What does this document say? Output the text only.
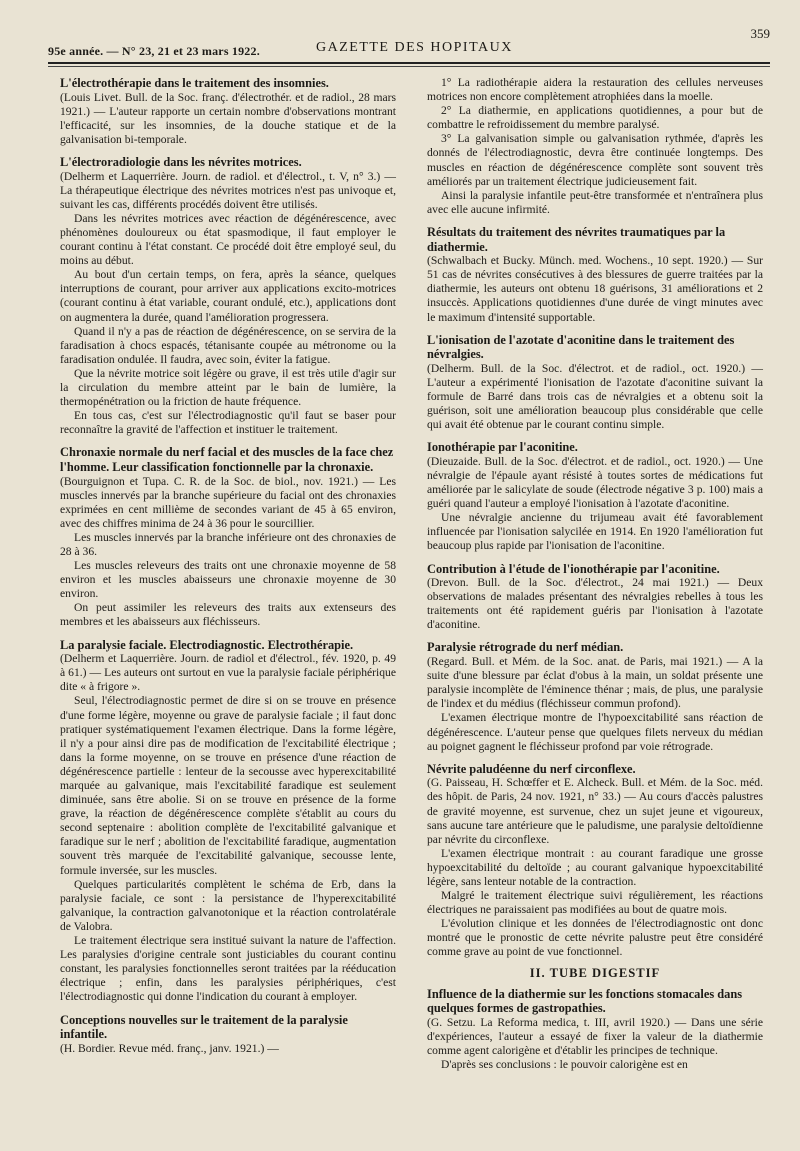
95e année. — N° 23, 21 et 23 mars 1922.	GAZETTE DES HOPITAUX
359
L'électrothérapie dans le traitement des insomnies.

(Louis Livet. Bull. de la Soc. franç. d'électrothér. et de radiol., 28 mars 1921.) — L'auteur rapporte un certain nombre d'observations montrant l'efficacité, sur les insomnies, de la douche statique et de la galvanisation bi-temporale.

L'électroradiologie dans les névrites motrices.

(Delherm et Laquerrière. Journ. de radiol. et d'électrol., t. V, n° 3.) — La thérapeutique électrique des névrites motrices n'est pas univoque et, suivant les cas, différents procédés doivent être utilisés.

Dans les névrites motrices avec réaction de dégénérescence, avec phénomènes douloureux ou état spasmodique, il faut employer le courant continu à l'état constant. Ce procédé doit être employé seul, du moins au début.

Au bout d'un certain temps, on fera, après la séance, quelques interruptions de courant, pour arriver aux applications excito-motrices (courant continu à état variable, courant ondulé, etc.), applications dont on augmentera la durée, quand l'amélioration progressera.

Quand il n'y a pas de réaction de dégénérescence, on se servira de la faradisation à chocs espacés, tétanisante coupée au métronome ou la faradisation ondulée. Il faudra, avec soin, éviter la fatigue.

Que la névrite motrice soit légère ou grave, il est très utile d'agir sur la circulation du membre atteint par le bain de lumière, la thermopénétration ou la friction de haute fréquence.

En tous cas, c'est sur l'électrodiagnostic qu'il faut se baser pour reconnaître la gravité de l'affection et instituer le traitement.

Chronaxie normale du nerf facial et des muscles de la face chez l'homme. Leur classification fonctionnelle par la chronaxie.

(Bourguignon et Tupa. C. R. de la Soc. de biol., nov. 1921.) — Les muscles innervés par la branche supérieure du facial ont des chronaxies exprimées en cent millième de secondes variant de 45 à 65 environ, avec des chiffres minima de 24 à 36 pour le sourcillier.

Les muscles innervés par la branche inférieure ont des chronaxies de 28 à 36.

Les muscles releveurs des traits ont une chronaxie moyenne de 58 environ et les muscles abaisseurs une chronaxie moyenne de 30 environ.

On peut assimiler les releveurs des traits aux extenseurs des membres et les abaisseurs aux fléchisseurs.

La paralysie faciale. Electrodiagnostic. Electrothérapie.

(Delherm et Laquerrière. Journ. de radiol et d'électrol., fév. 1920, p. 49 à 61.) — Les auteurs ont surtout en vue la paralysie faciale périphérique dite « à frigore ».

Seul, l'électrodiagnostic permet de dire si on se trouve en présence d'une forme légère, moyenne ou grave de paralysie faciale ; il faut donc pratiquer systématiquement l'examen électrique. Dans la forme légère, il n'y a pour ainsi dire pas de modification de l'excitabilité électrique ; dans la forme moyenne, on se trouve en présence d'une réaction de dégénérescence partielle : lenteur de la secousse avec hyperexcitabilité marquée au galvanique, mais l'excitabilité faradique est seulement diminuée, sans être abolie. Si on se trouve en présence de la forme grave, la réaction de dégénérescence complète s'établit au cours du second septenaire : abolition complète de l'excitabilité galvanique et faradique sur le nerf ; abolition de l'excitabilité faradique, augmentation souvent très marquée de l'excitabilité galvanique, secousse lente, formule inversée, sur les muscles.

Quelques particularités complètent le schéma de Erb, dans la paralysie faciale, ce sont : la persistance de l'hyperexcitabilité galvanique, la contraction galvanotonique et la réaction controlatérale de Valobra.

Le traitement électrique sera institué suivant la nature de l'affection. Les paralysies d'origine centrale sont justiciables du courant continu constant, les paralysies fonctionnelles seront traitées par la rééducation électrique ; enfin, dans les paralysies périphériques, c'est l'électrodiagnostic qui donne l'indication du courant à employer.

Conceptions nouvelles sur le traitement de la paralysie infantile.

(H. Bordier. Revue méd. franç., janv. 1921.) —

1° La radiothérapie aidera la restauration des cellules nerveuses motrices non encore complètement atrophiées dans la moelle.

2° La diathermie, en applications quotidiennes, a pour but de combattre le refroidissement du membre paralysé.

3° La galvanisation simple ou galvanisation rythmée, d'après les donnés de l'électrodiagnostic, devra être continuée longtemps. Des muscles en réaction de dégénérescence complète sont souvent très améliorés par un traitement électrique judicieusement fait.

Ainsi la paralysie infantile peut-être transformée et n'entraînera plus avec elle aucune infirmité.

Résultats du traitement des névrites traumatiques par la diathermie.

(Schwalbach et Bucky. Münch. med. Wochens., 10 sept. 1920.) — Sur 51 cas de névrites consécutives à des blessures de guerre traitées par la diathermie, les auteurs ont obtenu 18 guérisons, 31 améliorations et 2 insuccès. Applications quotidiennes d'une durée de vingt minutes avec le maximum d'intensité supportable.

L'ionisation de l'azotate d'aconitine dans le traitement des névralgies.

(Delherm. Bull. de la Soc. d'électrot. et de radiol., oct. 1920.) — L'auteur a expérimenté l'ionisation de l'azotate d'aconitine suivant la formule de Barré dans trois cas de névralgies et a obtenu soit la guérison, soit une amélioration beaucoup plus considérable que celle qui avait été obtenue par le courant continu simple.

Ionothérapie par l'aconitine.

(Dieuzaide. Bull. de la Soc. d'électrot. et de radiol., oct. 1920.) — Une névralgie de l'épaule ayant résisté à toutes sortes de médications fut améliorée par le salicylate de soude (électrode négative 3 p. 100) mais a guéri quand l'auteur a employé l'ionisation à l'azotate d'aconitine.

Une névralgie ancienne du trijumeau avait été favorablement influencée par l'ionisation salycilée en 1914. En 1920 l'amélioration fut beaucoup plus rapide par l'ionisation de l'aconitine.

Contribution à l'étude de l'ionothérapie par l'aconitine.

(Drevon. Bull. de la Soc. d'électrot., 24 mai 1921.) — Deux observations de malades présentant des névralgies rebelles à tous les traitements ont été rapidement guéris par l'ionisation à l'azotate d'aconitine.

Paralysie rétrograde du nerf médian.

(Regard. Bull. et Mém. de la Soc. anat. de Paris, mai 1921.) — A la suite d'une blessure par éclat d'obus à la main, un soldat présente une paralysie incomplète de l'éminence thénar ; mais, de plus, une paralysie de l'index et du médius (fléchisseur commun profond).

L'examen électrique montre de l'hypoexcitabilité sans réaction de dégénérescence. L'auteur pense que quelques filets nerveux du médian au poignet gagnent le fléchisseur profond par voie rétrograde.

Névrite paludéenne du nerf circonflexe.

(G. Paisseau, H. Schœffer et E. Alcheck. Bull. et Mém. de la Soc. méd. des hôpit. de Paris, 24 nov. 1921, n° 33.) — Au cours d'accès palustres de gravité moyenne, est survenue, chez un sujet jeune et vigoureux, sans aucune tare antérieure que le paludisme, une paralysie deltoïdienne par névrite du circonflexe.

L'examen électrique montrait : au courant faradique une grosse hypoexcitabilité du deltoïde ; au courant galvanique hypoexcitabilité légère, sans lenteur notable de la contraction.

Malgré le traitement électrique suivi régulièrement, les réactions électriques ne paraissaient pas modifiées au bout de quatre mois.

L'évolution clinique et les données de l'électrodiagnostic ont donc montré que le pronostic de cette névrite palustre peut être considéré comme grave au point de vue fonctionnel.

II. TUBE DIGESTIF
Influence de la diathermie sur les fonctions stomacales dans quelques formes de gastropathies.

(G. Setzu. La Reforma medica, t. III, avril 1920.) — Dans une série d'expériences, l'auteur a essayé de fixer la valeur de la diathermie comme agent calorigène et d'établir les principes de technique.

D'après ses conclusions : le pouvoir calorigène est en
